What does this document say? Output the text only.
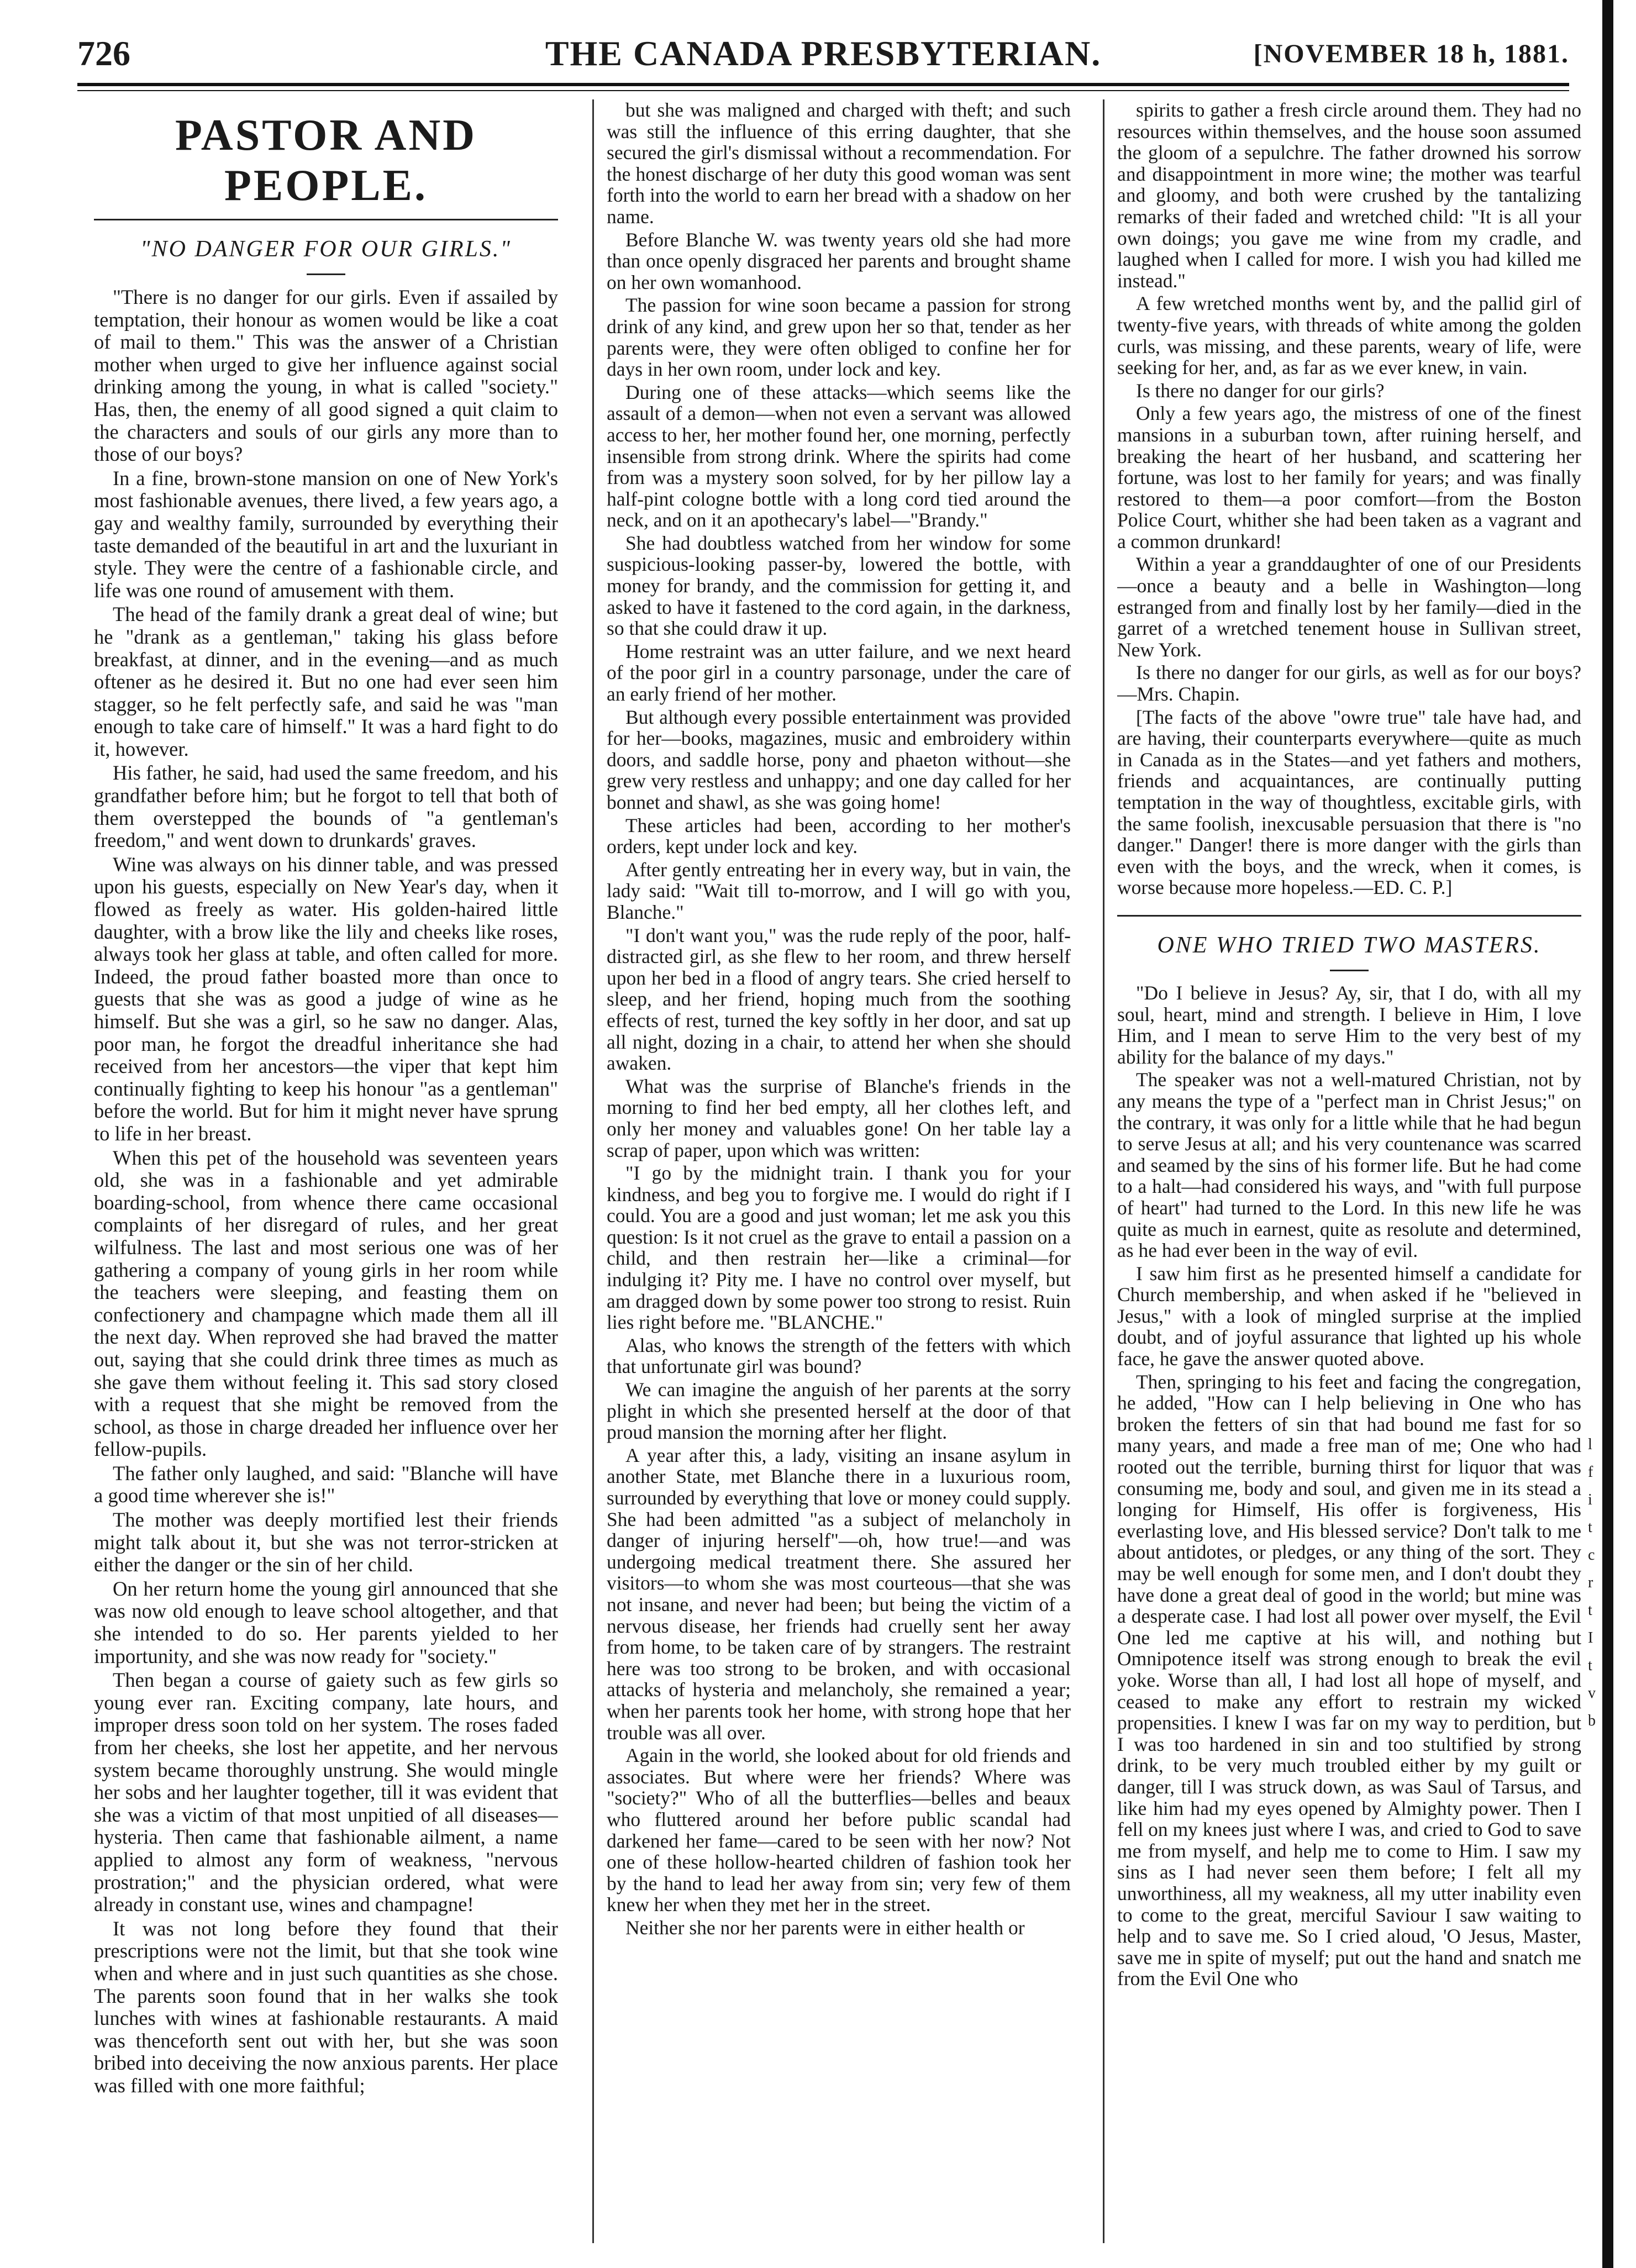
726	THE CANADA PRESBYTERIAN.	[NOVEMBER 18 h, 1881.
PASTOR AND PEOPLE.
"NO DANGER FOR OUR GIRLS."

"There is no danger for our girls. Even if assailed by temptation, their honour as women would be like a coat of mail to them." This was the answer of a Christian mother when urged to give her influence against social drinking among the young, in what is called "society." Has, then, the enemy of all good signed a quit claim to the characters and souls of our girls any more than to those of our boys?

In a fine, brown-stone mansion on one of New York's most fashionable avenues, there lived, a few years ago, a gay and wealthy family, surrounded by everything their taste demanded of the beautiful in art and the luxuriant in style. They were the centre of a fashionable circle, and life was one round of amusement with them.

The head of the family drank a great deal of wine; but he "drank as a gentleman," taking his glass before breakfast, at dinner, and in the evening—and as much oftener as he desired it. But no one had ever seen him stagger, so he felt perfectly safe, and said he was "man enough to take care of himself." It was a hard fight to do it, however.

His father, he said, had used the same freedom, and his grandfather before him; but he forgot to tell that both of them overstepped the bounds of "a gentleman's freedom," and went down to drunkards' graves.

Wine was always on his dinner table, and was pressed upon his guests, especially on New Year's day, when it flowed as freely as water. His golden-haired little daughter, with a brow like the lily and cheeks like roses, always took her glass at table, and often called for more. Indeed, the proud father boasted more than once to guests that she was as good a judge of wine as he himself. But she was a girl, so he saw no danger. Alas, poor man, he forgot the dreadful inheritance she had received from her ancestors—the viper that kept him continually fighting to keep his honour "as a gentleman" before the world. But for him it might never have sprung to life in her breast.

When this pet of the household was seventeen years old, she was in a fashionable and yet admirable boarding-school, from whence there came occasional complaints of her disregard of rules, and her great wilfulness. The last and most serious one was of her gathering a company of young girls in her room while the teachers were sleeping, and feasting them on confectionery and champagne which made them all ill the next day. When reproved she had braved the matter out, saying that she could drink three times as much as she gave them without feeling it. This sad story closed with a request that she might be removed from the school, as those in charge dreaded her influence over her fellow-pupils.

The father only laughed, and said: "Blanche will have a good time wherever she is!"

The mother was deeply mortified lest their friends might talk about it, but she was not terror-stricken at either the danger or the sin of her child.

On her return home the young girl announced that she was now old enough to leave school altogether, and that she intended to do so. Her parents yielded to her importunity, and she was now ready for "society."

Then began a course of gaiety such as few girls so young ever ran. Exciting company, late hours, and improper dress soon told on her system. The roses faded from her cheeks, she lost her appetite, and her nervous system became thoroughly unstrung. She would mingle her sobs and her laughter together, till it was evident that she was a victim of that most unpitied of all diseases—hysteria. Then came that fashionable ailment, a name applied to almost any form of weakness, "nervous prostration;" and the physician ordered, what were already in constant use, wines and champagne!

It was not long before they found that their prescriptions were not the limit, but that she took wine when and where and in just such quantities as she chose. The parents soon found that in her walks she took lunches with wines at fashionable restaurants. A maid was thenceforth sent out with her, but she was soon bribed into deceiving the now anxious parents. Her place was filled with one more faithful;

but she was maligned and charged with theft; and such was still the influence of this erring daughter, that she secured the girl's dismissal without a recommendation. For the honest discharge of her duty this good woman was sent forth into the world to earn her bread with a shadow on her name.

Before Blanche W. was twenty years old she had more than once openly disgraced her parents and brought shame on her own womanhood.

The passion for wine soon became a passion for strong drink of any kind, and grew upon her so that, tender as her parents were, they were often obliged to confine her for days in her own room, under lock and key.

During one of these attacks—which seems like the assault of a demon—when not even a servant was allowed access to her, her mother found her, one morning, perfectly insensible from strong drink. Where the spirits had come from was a mystery soon solved, for by her pillow lay a half-pint cologne bottle with a long cord tied around the neck, and on it an apothecary's label—"Brandy."

She had doubtless watched from her window for some suspicious-looking passer-by, lowered the bottle, with money for brandy, and the commission for getting it, and asked to have it fastened to the cord again, in the darkness, so that she could draw it up.

Home restraint was an utter failure, and we next heard of the poor girl in a country parsonage, under the care of an early friend of her mother.

But although every possible entertainment was provided for her—books, magazines, music and embroidery within doors, and saddle horse, pony and phaeton without—she grew very restless and unhappy; and one day called for her bonnet and shawl, as she was going home!

These articles had been, according to her mother's orders, kept under lock and key.

After gently entreating her in every way, but in vain, the lady said: "Wait till to-morrow, and I will go with you, Blanche."

"I don't want you," was the rude reply of the poor, half-distracted girl, as she flew to her room, and threw herself upon her bed in a flood of angry tears. She cried herself to sleep, and her friend, hoping much from the soothing effects of rest, turned the key softly in her door, and sat up all night, dozing in a chair, to attend her when she should awaken.

What was the surprise of Blanche's friends in the morning to find her bed empty, all her clothes left, and only her money and valuables gone! On her table lay a scrap of paper, upon which was written:

"I go by the midnight train. I thank you for your kindness, and beg you to forgive me. I would do right if I could. You are a good and just woman; let me ask you this question: Is it not cruel as the grave to entail a passion on a child, and then restrain her—like a criminal—for indulging it? Pity me. I have no control over myself, but am dragged down by some power too strong to resist. Ruin lies right before me. "BLANCHE."

Alas, who knows the strength of the fetters with which that unfortunate girl was bound?

We can imagine the anguish of her parents at the sorry plight in which she presented herself at the door of that proud mansion the morning after her flight.

A year after this, a lady, visiting an insane asylum in another State, met Blanche there in a luxurious room, surrounded by everything that love or money could supply. She had been admitted "as a subject of melancholy in danger of injuring herself"—oh, how true!—and was undergoing medical treatment there. She assured her visitors—to whom she was most courteous—that she was not insane, and never had been; but being the victim of a nervous disease, her friends had cruelly sent her away from home, to be taken care of by strangers. The restraint here was too strong to be broken, and with occasional attacks of hysteria and melancholy, she remained a year; when her parents took her home, with strong hope that her trouble was all over.

Again in the world, she looked about for old friends and associates. But where were her friends? Where was "society?" Who of all the butterflies—belles and beaux who fluttered around her before public scandal had darkened her fame—cared to be seen with her now? Not one of these hollow-hearted children of fashion took her by the hand to lead her away from sin; very few of them knew her when they met her in the street.

Neither she nor her parents were in either health or

spirits to gather a fresh circle around them. They had no resources within themselves, and the house soon assumed the gloom of a sepulchre. The father drowned his sorrow and disappointment in more wine; the mother was tearful and gloomy, and both were crushed by the tantalizing remarks of their faded and wretched child: "It is all your own doings; you gave me wine from my cradle, and laughed when I called for more. I wish you had killed me instead."

A few wretched months went by, and the pallid girl of twenty-five years, with threads of white among the golden curls, was missing, and these parents, weary of life, were seeking for her, and, as far as we ever knew, in vain.

Is there no danger for our girls?

Only a few years ago, the mistress of one of the finest mansions in a suburban town, after ruining herself, and breaking the heart of her husband, and scattering her fortune, was lost to her family for years; and was finally restored to them—a poor comfort—from the Boston Police Court, whither she had been taken as a vagrant and a common drunkard!

Within a year a granddaughter of one of our Presidents—once a beauty and a belle in Washington—long estranged from and finally lost by her family—died in the garret of a wretched tenement house in Sullivan street, New York.

Is there no danger for our girls, as well as for our boys?—Mrs. Chapin.

[The facts of the above "owre true" tale have had, and are having, their counterparts everywhere—quite as much in Canada as in the States—and yet fathers and mothers, friends and acquaintances, are continually putting temptation in the way of thoughtless, excitable girls, with the same foolish, inexcusable persuasion that there is "no danger." Danger! there is more danger with the girls than even with the boys, and the wreck, when it comes, is worse because more hopeless.—ED. C. P.]

ONE WHO TRIED TWO MASTERS.

"Do I believe in Jesus? Ay, sir, that I do, with all my soul, heart, mind and strength. I believe in Him, I love Him, and I mean to serve Him to the very best of my ability for the balance of my days."

The speaker was not a well-matured Christian, not by any means the type of a "perfect man in Christ Jesus;" on the contrary, it was only for a little while that he had begun to serve Jesus at all; and his very countenance was scarred and seamed by the sins of his former life. But he had come to a halt—had considered his ways, and "with full purpose of heart" had turned to the Lord. In this new life he was quite as much in earnest, quite as resolute and determined, as he had ever been in the way of evil.

I saw him first as he presented himself a candidate for Church membership, and when asked if he "believed in Jesus," with a look of mingled surprise at the implied doubt, and of joyful assurance that lighted up his whole face, he gave the answer quoted above.

Then, springing to his feet and facing the congregation, he added, "How can I help believing in One who has broken the fetters of sin that had bound me fast for so many years, and made a free man of me; One who had rooted out the terrible, burning thirst for liquor that was consuming me, body and soul, and given me in its stead a longing for Himself, His offer is forgiveness, His everlasting love, and His blessed service? Don't talk to me about antidotes, or pledges, or any thing of the sort. They may be well enough for some men, and I don't doubt they have done a great deal of good in the world; but mine was a desperate case. I had lost all power over myself, the Evil One led me captive at his will, and nothing but Omnipotence itself was strong enough to break the evil yoke. Worse than all, I had lost all hope of myself, and ceased to make any effort to restrain my wicked propensities. I knew I was far on my way to perdition, but I was too hardened in sin and too stultified by strong drink, to be very much troubled either by my guilt or danger, till I was struck down, as was Saul of Tarsus, and like him had my eyes opened by Almighty power. Then I fell on my knees just where I was, and cried to God to save me from myself, and help me to come to Him. I saw my sins as I had never seen them before; I felt all my unworthiness, all my weakness, all my utter inability even to come to the great, merciful Saviour I saw waiting to help and to save me. So I cried aloud, 'O Jesus, Master, save me in spite of myself; put out the hand and snatch me from the Evil One who

l f i t c r t I t v b
